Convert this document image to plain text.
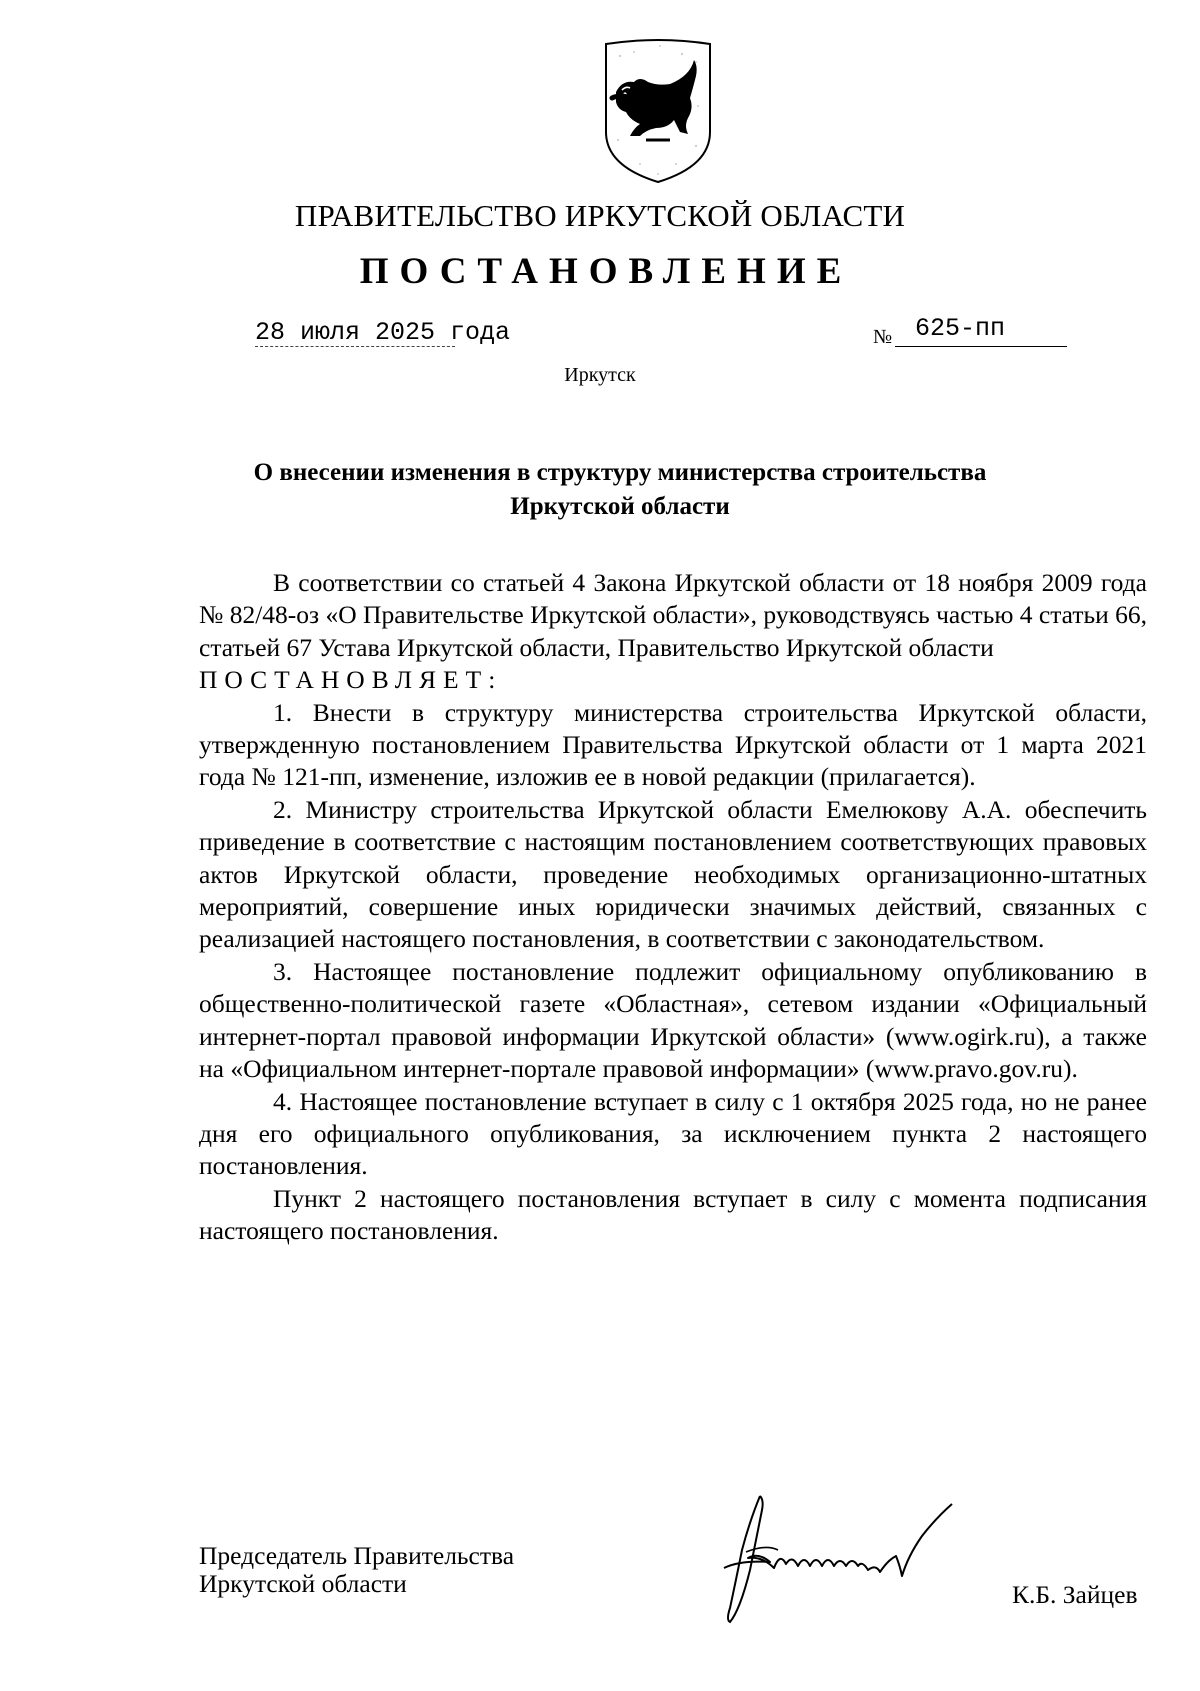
ПРАВИТЕЛЬСТВО ИРКУТСКОЙ ОБЛАСТИ
ПОСТАНОВЛЕНИЕ
28 июля 2025 года	№ 625-пп
Иркутск
О внесении изменения в структуру министерства строительства
Иркутской области

В соответствии со статьей 4 Закона Иркутской области от 18 ноября 2009 года № 82/48-оз «О Правительстве Иркутской области», руководствуясь частью 4 статьи 66, статьей 67 Устава Иркутской области, Правительство Иркутской области

ПОСТАНОВЛЯЕТ:

1. Внести в структуру министерства строительства Иркутской области, утвержденную постановлением Правительства Иркутской области от 1 марта 2021 года № 121-пп, изменение, изложив ее в новой редакции (прилагается).

2. Министру строительства Иркутской области Емелюкову А.А. обеспечить приведение в соответствие с настоящим постановлением соответствующих правовых актов Иркутской области, проведение необходимых организационно-штатных мероприятий, совершение иных юридически значимых действий, связанных с реализацией настоящего постановления, в соответствии с законодательством.

3. Настоящее постановление подлежит официальному опубликованию в общественно-политической газете «Областная», сетевом издании «Официальный интернет-портал правовой информации Иркутской области» (www.ogirk.ru), а также на «Официальном интернет-портале правовой информации» (www.pravo.gov.ru).

4. Настоящее постановление вступает в силу с 1 октября 2025 года, но не ранее дня его официального опубликования, за исключением пункта 2 настоящего постановления.

Пункт 2 настоящего постановления вступает в силу с момента подписания настоящего постановления.

Председатель Правительства
Иркутской области	К.Б. Зайцев
